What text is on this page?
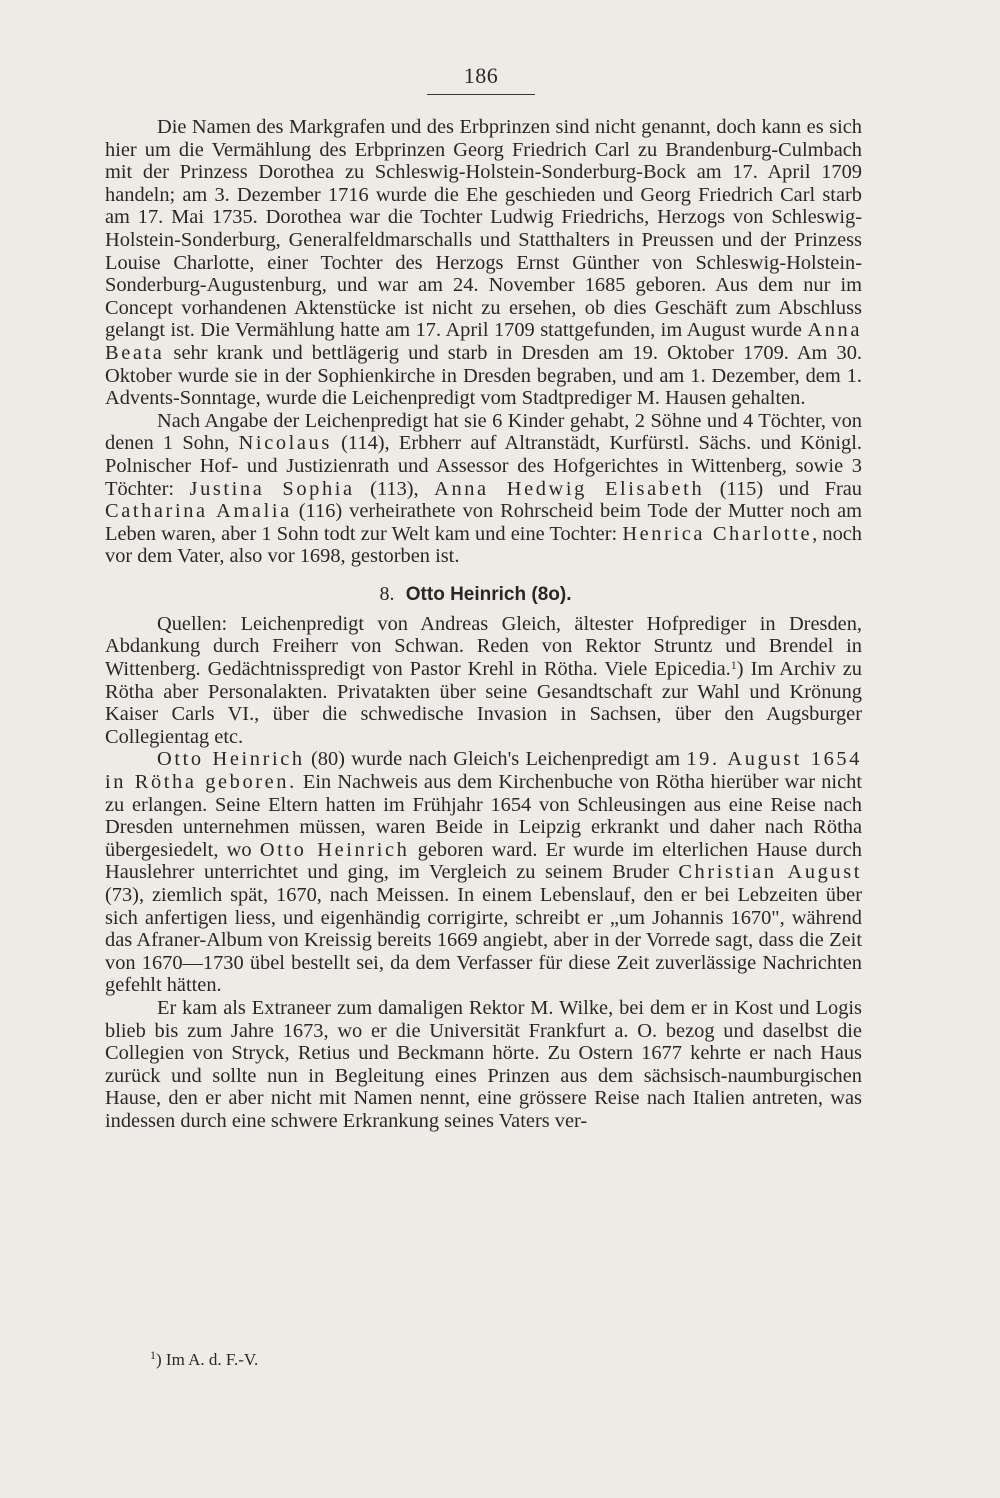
186

Die Namen des Markgrafen und des Erbprinzen sind nicht genannt, doch kann es sich hier um die Vermählung des Erbprinzen Georg Friedrich Carl zu Brandenburg-Culmbach mit der Prinzess Dorothea zu Schleswig-Holstein-Sonderburg-Bock am 17. April 1709 handeln; am 3. Dezember 1716 wurde die Ehe geschieden und Georg Friedrich Carl starb am 17. Mai 1735. Dorothea war die Tochter Ludwig Friedrichs, Herzogs von Schleswig-Holstein-Sonderburg, Generalfeldmarschalls und Statthalters in Preussen und der Prinzess Louise Charlotte, einer Tochter des Herzogs Ernst Günther von Schleswig-Holstein-Sonderburg-Augustenburg, und war am 24. November 1685 geboren. Aus dem nur im Concept vorhandenen Aktenstücke ist nicht zu ersehen, ob dies Geschäft zum Abschluss gelangt ist. Die Vermählung hatte am 17. April 1709 stattgefunden, im August wurde Anna Beata sehr krank und bettlägerig und starb in Dresden am 19. Oktober 1709. Am 30. Oktober wurde sie in der Sophienkirche in Dresden begraben, und am 1. Dezember, dem 1. Advents-Sonntage, wurde die Leichenpredigt vom Stadtprediger M. Hausen gehalten.

Nach Angabe der Leichenpredigt hat sie 6 Kinder gehabt, 2 Söhne und 4 Töchter, von denen 1 Sohn, Nicolaus (114), Erbherr auf Altranstädt, Kurfürstl. Sächs. und Königl. Polnischer Hof- und Justizienrath und Assessor des Hofgerichtes in Wittenberg, sowie 3 Töchter: Justina Sophia (113), Anna Hedwig Elisabeth (115) und Frau Catharina Amalia (116) verheirathete von Rohrscheid beim Tode der Mutter noch am Leben waren, aber 1 Sohn todt zur Welt kam und eine Tochter: Henrica Charlotte, noch vor dem Vater, also vor 1698, gestorben ist.

8. Otto Heinrich (8o).

Quellen: Leichenpredigt von Andreas Gleich, ältester Hofprediger in Dresden, Abdankung durch Freiherr von Schwan. Reden von Rektor Struntz und Brendel in Wittenberg. Gedächtnisspredigt von Pastor Krehl in Rötha. Viele Epicedia.$^1$) Im Archiv zu Rötha aber Personalakten. Privatakten über seine Gesandtschaft zur Wahl und Krönung Kaiser Carls VI., über die schwedische Invasion in Sachsen, über den Augsburger Collegientag etc.

Otto Heinrich (80) wurde nach Gleich's Leichenpredigt am 19. August 1654 in Rötha geboren. Ein Nachweis aus dem Kirchenbuche von Rötha hierüber war nicht zu erlangen. Seine Eltern hatten im Frühjahr 1654 von Schleusingen aus eine Reise nach Dresden unternehmen müssen, waren Beide in Leipzig erkrankt und daher nach Rötha übergesiedelt, wo Otto Heinrich geboren ward. Er wurde im elterlichen Hause durch Hauslehrer unterrichtet und ging, im Vergleich zu seinem Bruder Christian August (73), ziemlich spät, 1670, nach Meissen. In einem Lebenslauf, den er bei Lebzeiten über sich anfertigen liess, und eigenhändig corrigirte, schreibt er „um Johannis 1670", während das Afraner-Album von Kreissig bereits 1669 angiebt, aber in der Vorrede sagt, dass die Zeit von 1670—1730 übel bestellt sei, da dem Verfasser für diese Zeit zuverlässige Nachrichten gefehlt hätten.

Er kam als Extraneer zum damaligen Rektor M. Wilke, bei dem er in Kost und Logis blieb bis zum Jahre 1673, wo er die Universität Frankfurt a. O. bezog und daselbst die Collegien von Stryck, Retius und Beckmann hörte. Zu Ostern 1677 kehrte er nach Haus zurück und sollte nun in Begleitung eines Prinzen aus dem sächsisch-naumburgischen Hause, den er aber nicht mit Namen nennt, eine grössere Reise nach Italien antreten, was indessen durch eine schwere Erkrankung seines Vaters ver-

$^1$) Im A. d. F.-V.
